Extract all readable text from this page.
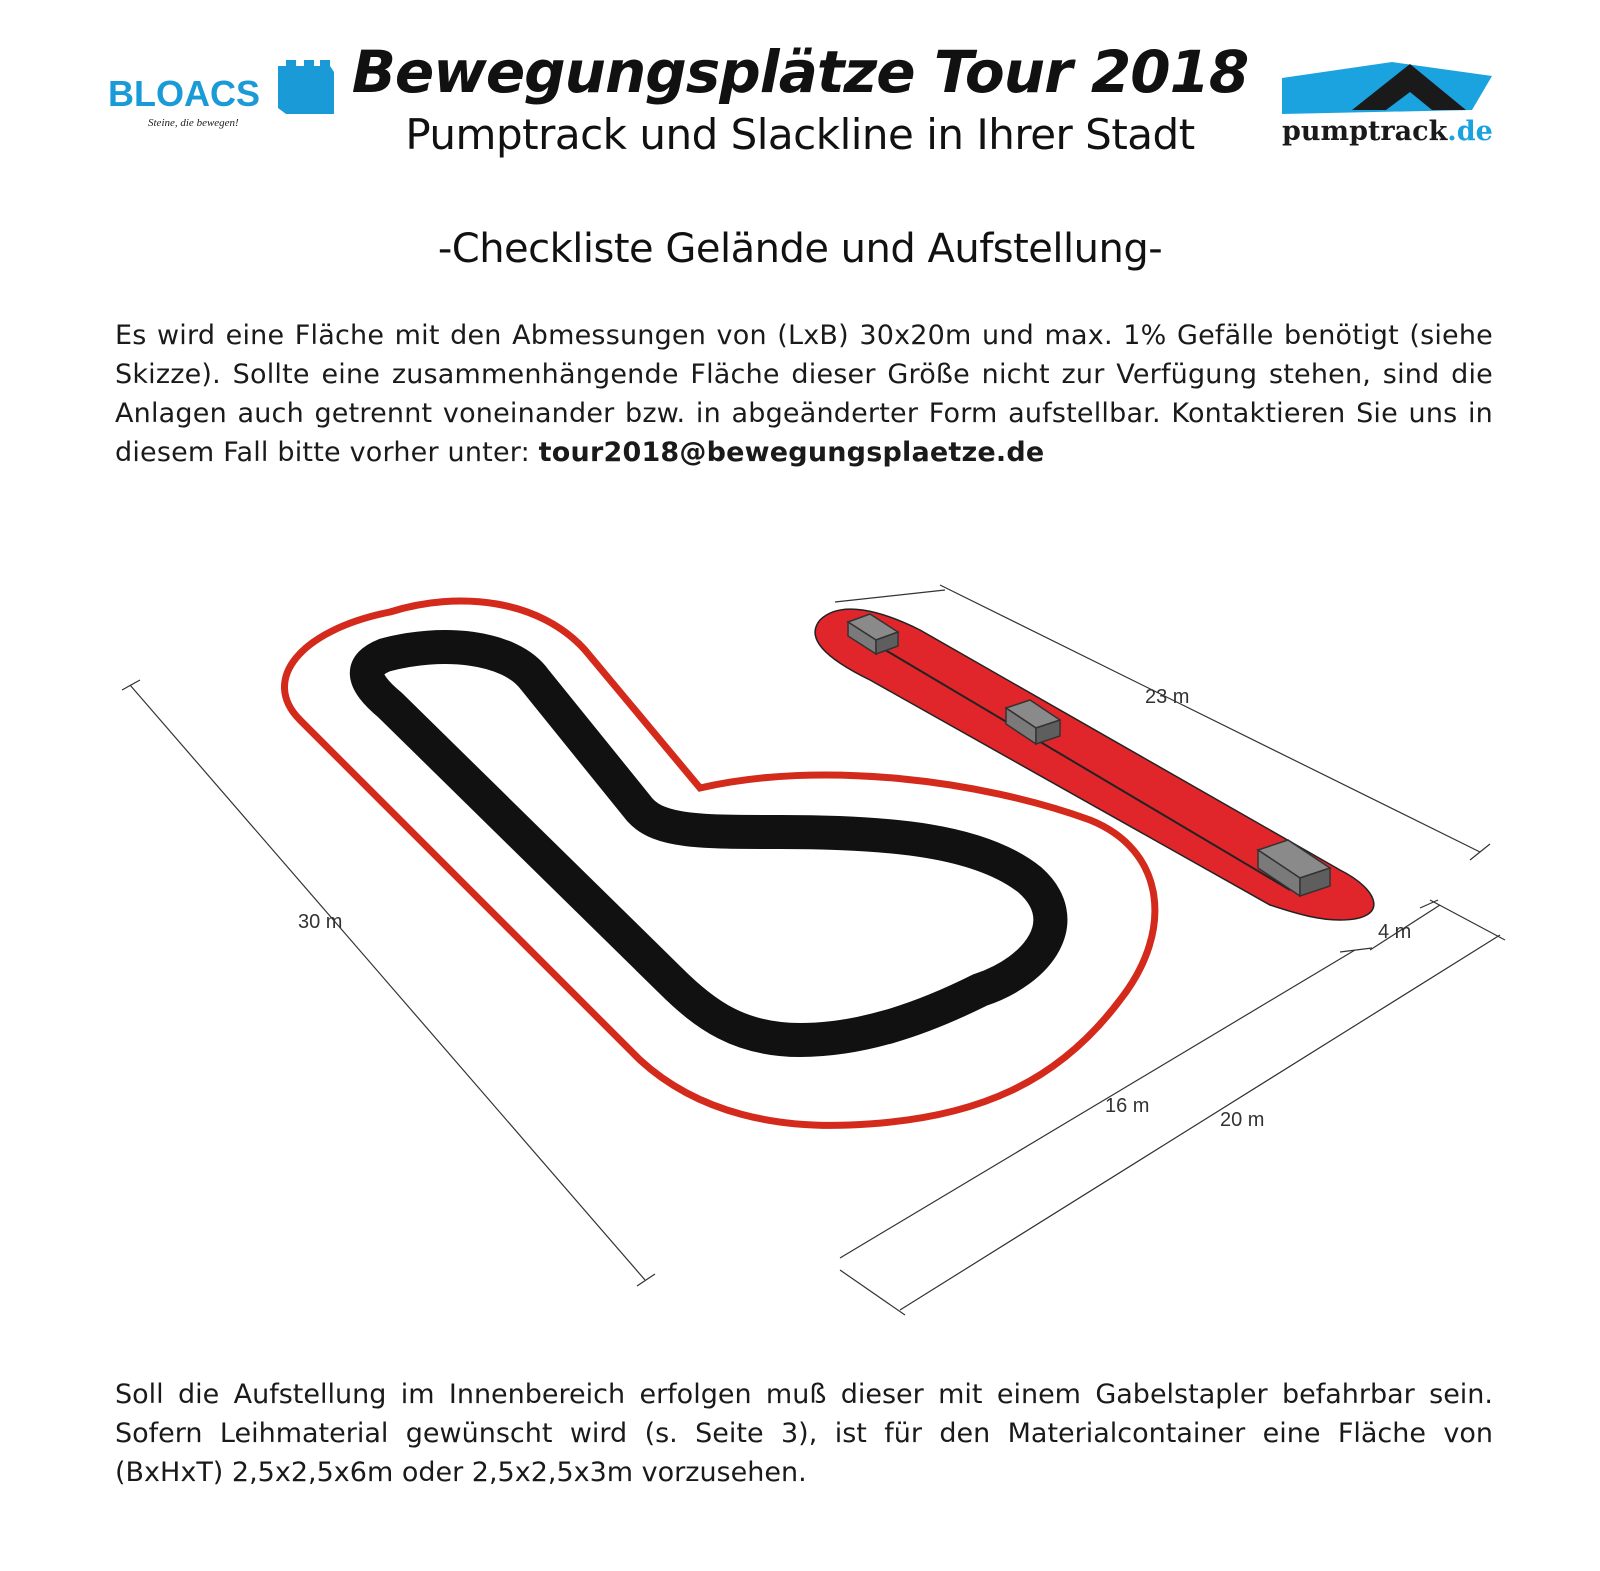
BLOACS
Steine, die bewegen!	pumptrack.de
Bewegungsplätze Tour 2018
Pumptrack und Slackline in Ihrer Stadt
-Checkliste Gelände und Aufstellung-
Es wird eine Fläche mit den Abmessungen von (LxB) 30x20m und max. 1% Gefälle benötigt (siehe Skizze). Sollte eine zusammenhängende Fläche dieser Größe nicht zur Verfügung stehen, sind die Anlagen auch getrennt voneinander bzw. in abgeänderter Form aufstellbar. Kontaktieren Sie uns in diesem Fall bitte vorher unter: tour2018@bewegungsplaetze.de
30 m
23 m
4 m
16 m
20 m
Soll die Aufstellung im Innenbereich erfolgen muß dieser mit einem Gabelstapler befahrbar sein.
Sofern Leihmaterial gewünscht wird (s. Seite 3), ist für den Materialcontainer eine Fläche von
(BxHxT) 2,5x2,5x6m oder 2,5x2,5x3m vorzusehen.
